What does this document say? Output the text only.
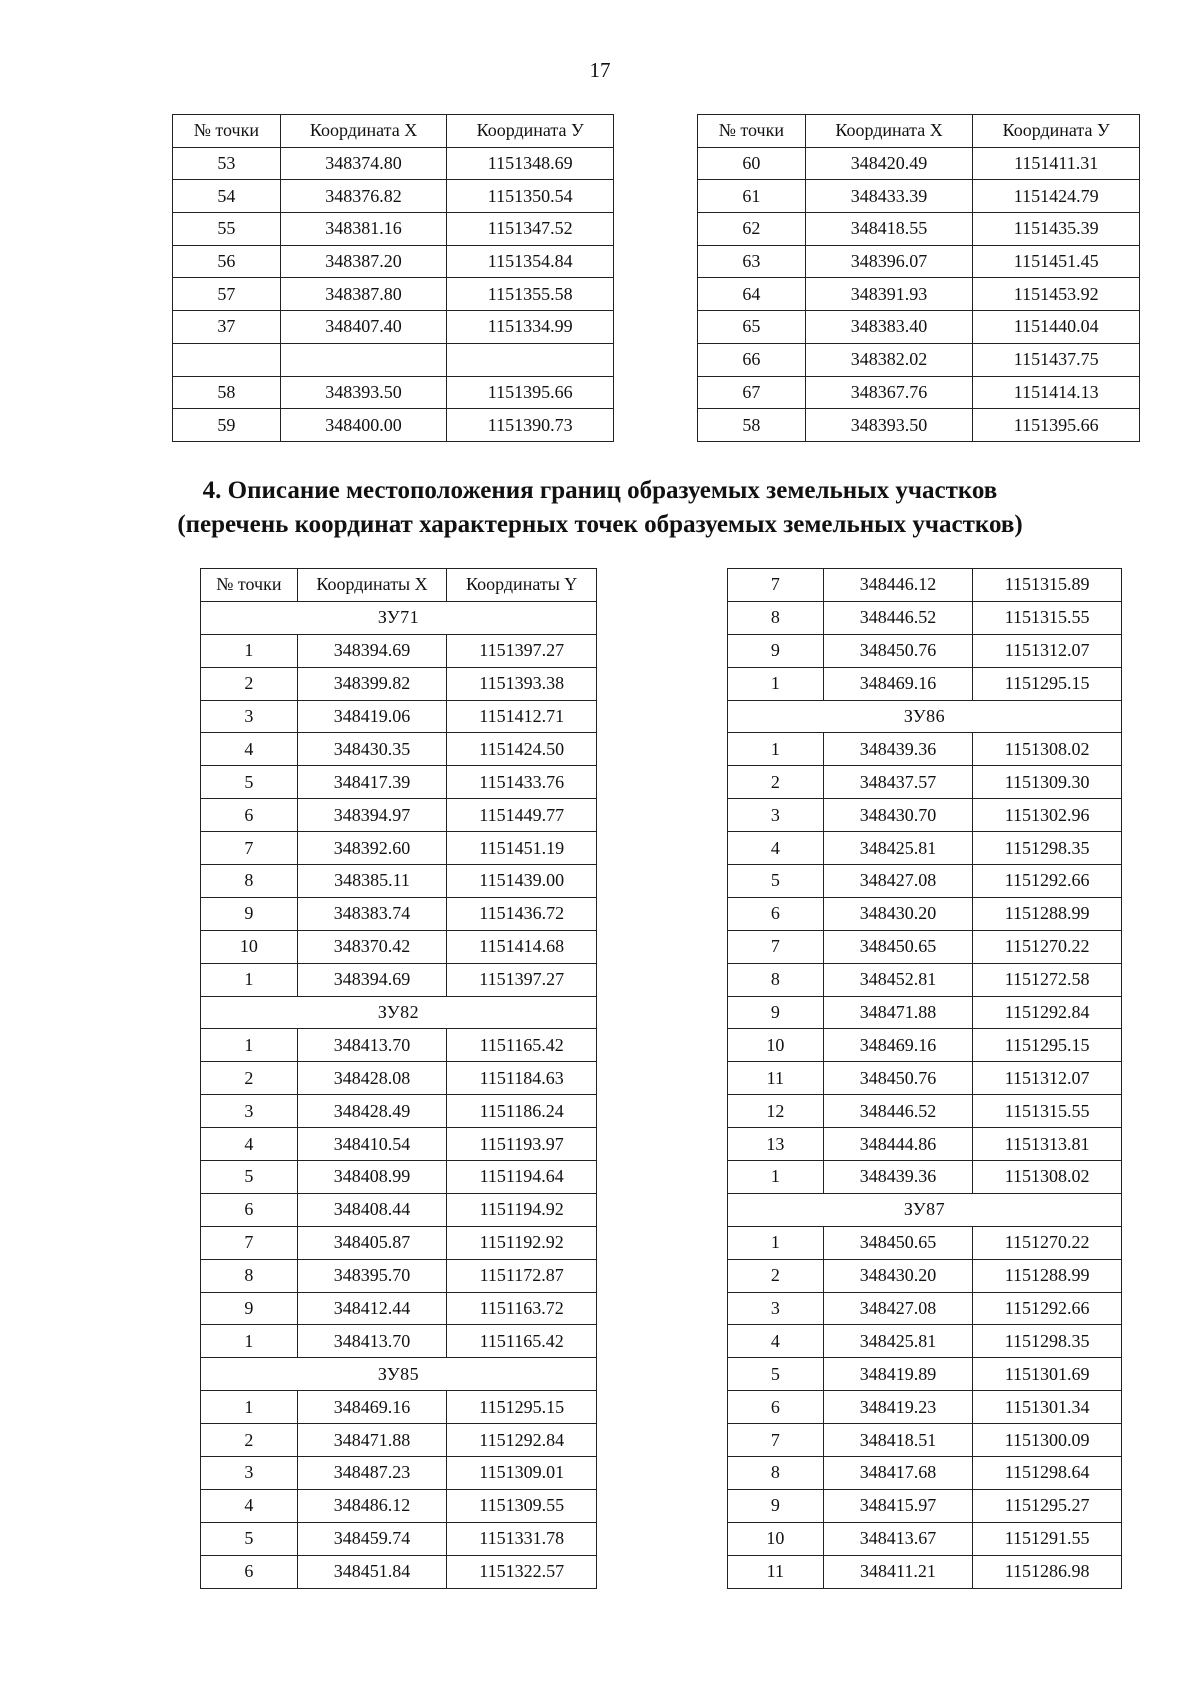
17
№ точки	Координата X	Координата У
53	348374.80	1151348.69
54	348376.82	1151350.54
55	348381.16	1151347.52
56	348387.20	1151354.84
57	348387.80	1151355.58
37	348407.40	1151334.99

58	348393.50	1151395.66
59	348400.00	1151390.73
№ точки	Координата X	Координата У
60	348420.49	1151411.31
61	348433.39	1151424.79
62	348418.55	1151435.39
63	348396.07	1151451.45
64	348391.93	1151453.92
65	348383.40	1151440.04
66	348382.02	1151437.75
67	348367.76	1151414.13
58	348393.50	1151395.66
4. Описание местоположения границ образуемых земельных участков
(перечень координат характерных точек образуемых земельных участков)
№ точки	Координаты X	Координаты Y
ЗУ71		
1	348394.69	1151397.27
2	348399.82	1151393.38
3	348419.06	1151412.71
4	348430.35	1151424.50
5	348417.39	1151433.76
6	348394.97	1151449.77
7	348392.60	1151451.19
8	348385.11	1151439.00
9	348383.74	1151436.72
10	348370.42	1151414.68
1	348394.69	1151397.27
ЗУ82		
1	348413.70	1151165.42
2	348428.08	1151184.63
3	348428.49	1151186.24
4	348410.54	1151193.97
5	348408.99	1151194.64
6	348408.44	1151194.92
7	348405.87	1151192.92
8	348395.70	1151172.87
9	348412.44	1151163.72
1	348413.70	1151165.42
ЗУ85		
1	348469.16	1151295.15
2	348471.88	1151292.84
3	348487.23	1151309.01
4	348486.12	1151309.55
5	348459.74	1151331.78
6	348451.84	1151322.57
7	348446.12	1151315.89
8	348446.52	1151315.55
9	348450.76	1151312.07
1	348469.16	1151295.15
ЗУ86		
1	348439.36	1151308.02
2	348437.57	1151309.30
3	348430.70	1151302.96
4	348425.81	1151298.35
5	348427.08	1151292.66
6	348430.20	1151288.99
7	348450.65	1151270.22
8	348452.81	1151272.58
9	348471.88	1151292.84
10	348469.16	1151295.15
11	348450.76	1151312.07
12	348446.52	1151315.55
13	348444.86	1151313.81
1	348439.36	1151308.02
ЗУ87		
1	348450.65	1151270.22
2	348430.20	1151288.99
3	348427.08	1151292.66
4	348425.81	1151298.35
5	348419.89	1151301.69
6	348419.23	1151301.34
7	348418.51	1151300.09
8	348417.68	1151298.64
9	348415.97	1151295.27
10	348413.67	1151291.55
11	348411.21	1151286.98
